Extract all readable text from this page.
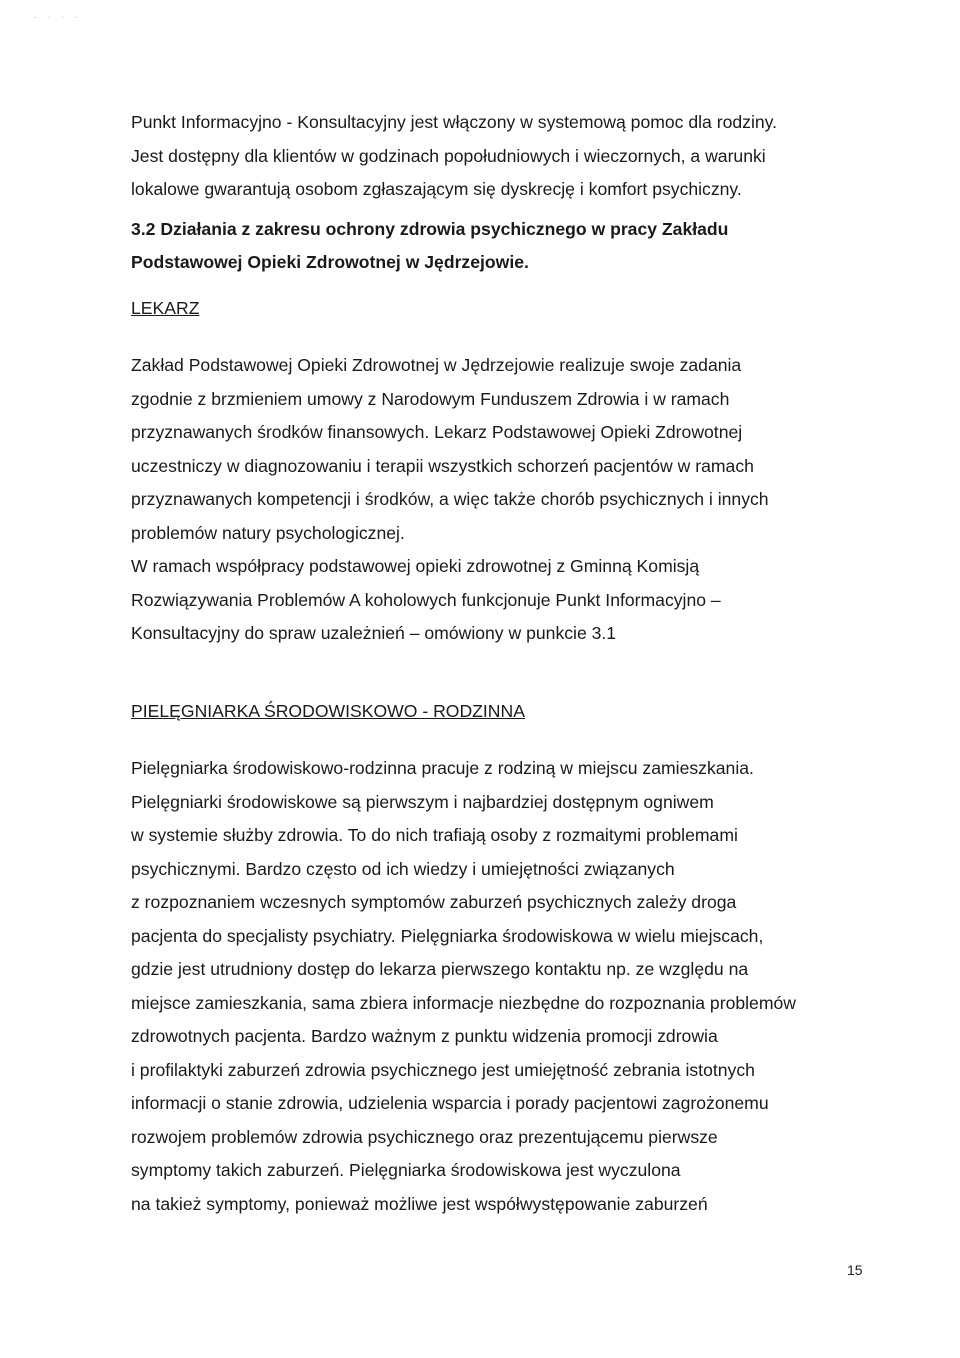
. . . .

Punkt Informacyjno - Konsultacyjny jest włączony w systemową pomoc dla rodziny.

Jest dostępny dla klientów w godzinach popołudniowych i wieczornych, a warunki

lokalowe gwarantują osobom zgłaszającym się dyskrecję i komfort psychiczny.

3.2 Działania z zakresu ochrony zdrowia psychicznego w pracy Zakładu

Podstawowej Opieki Zdrowotnej w Jędrzejowie.

LEKARZ

Zakład Podstawowej Opieki Zdrowotnej w Jędrzejowie realizuje swoje zadania

zgodnie z brzmieniem umowy z Narodowym Funduszem Zdrowia i w ramach

przyznawanych środków finansowych. Lekarz Podstawowej Opieki Zdrowotnej

uczestniczy w diagnozowaniu i terapii wszystkich schorzeń pacjentów w ramach

przyznawanych kompetencji i środków, a więc także chorób psychicznych i innych

problemów natury psychologicznej.

W ramach współpracy podstawowej opieki zdrowotnej z Gminną Komisją

Rozwiązywania Problemów A koholowych funkcjonuje Punkt Informacyjno –

Konsultacyjny do spraw uzależnień – omówiony w punkcie 3.1

PIELĘGNIARKA ŚRODOWISKOWO - RODZINNA

Pielęgniarka środowiskowo-rodzinna pracuje z rodziną w miejscu zamieszkania.

Pielęgniarki środowiskowe są pierwszym i najbardziej dostępnym ogniwem

w systemie służby zdrowia. To do nich trafiają osoby z rozmaitymi problemami

psychicznymi. Bardzo często od ich wiedzy i umiejętności związanych

z rozpoznaniem wczesnych symptomów zaburzeń psychicznych zależy droga

pacjenta do specjalisty psychiatry. Pielęgniarka środowiskowa w wielu miejscach,

gdzie jest utrudniony dostęp do lekarza pierwszego kontaktu np. ze względu na

miejsce zamieszkania, sama zbiera informacje niezbędne do rozpoznania problemów

zdrowotnych pacjenta. Bardzo ważnym z punktu widzenia promocji zdrowia

i profilaktyki zaburzeń zdrowia psychicznego jest umiejętność zebrania istotnych

informacji o stanie zdrowia, udzielenia wsparcia i porady pacjentowi zagrożonemu

rozwojem problemów zdrowia psychicznego oraz prezentującemu pierwsze

symptomy takich zaburzeń. Pielęgniarka środowiskowa jest wyczulona

na takież symptomy, ponieważ możliwe jest współwystępowanie zaburzeń

15
